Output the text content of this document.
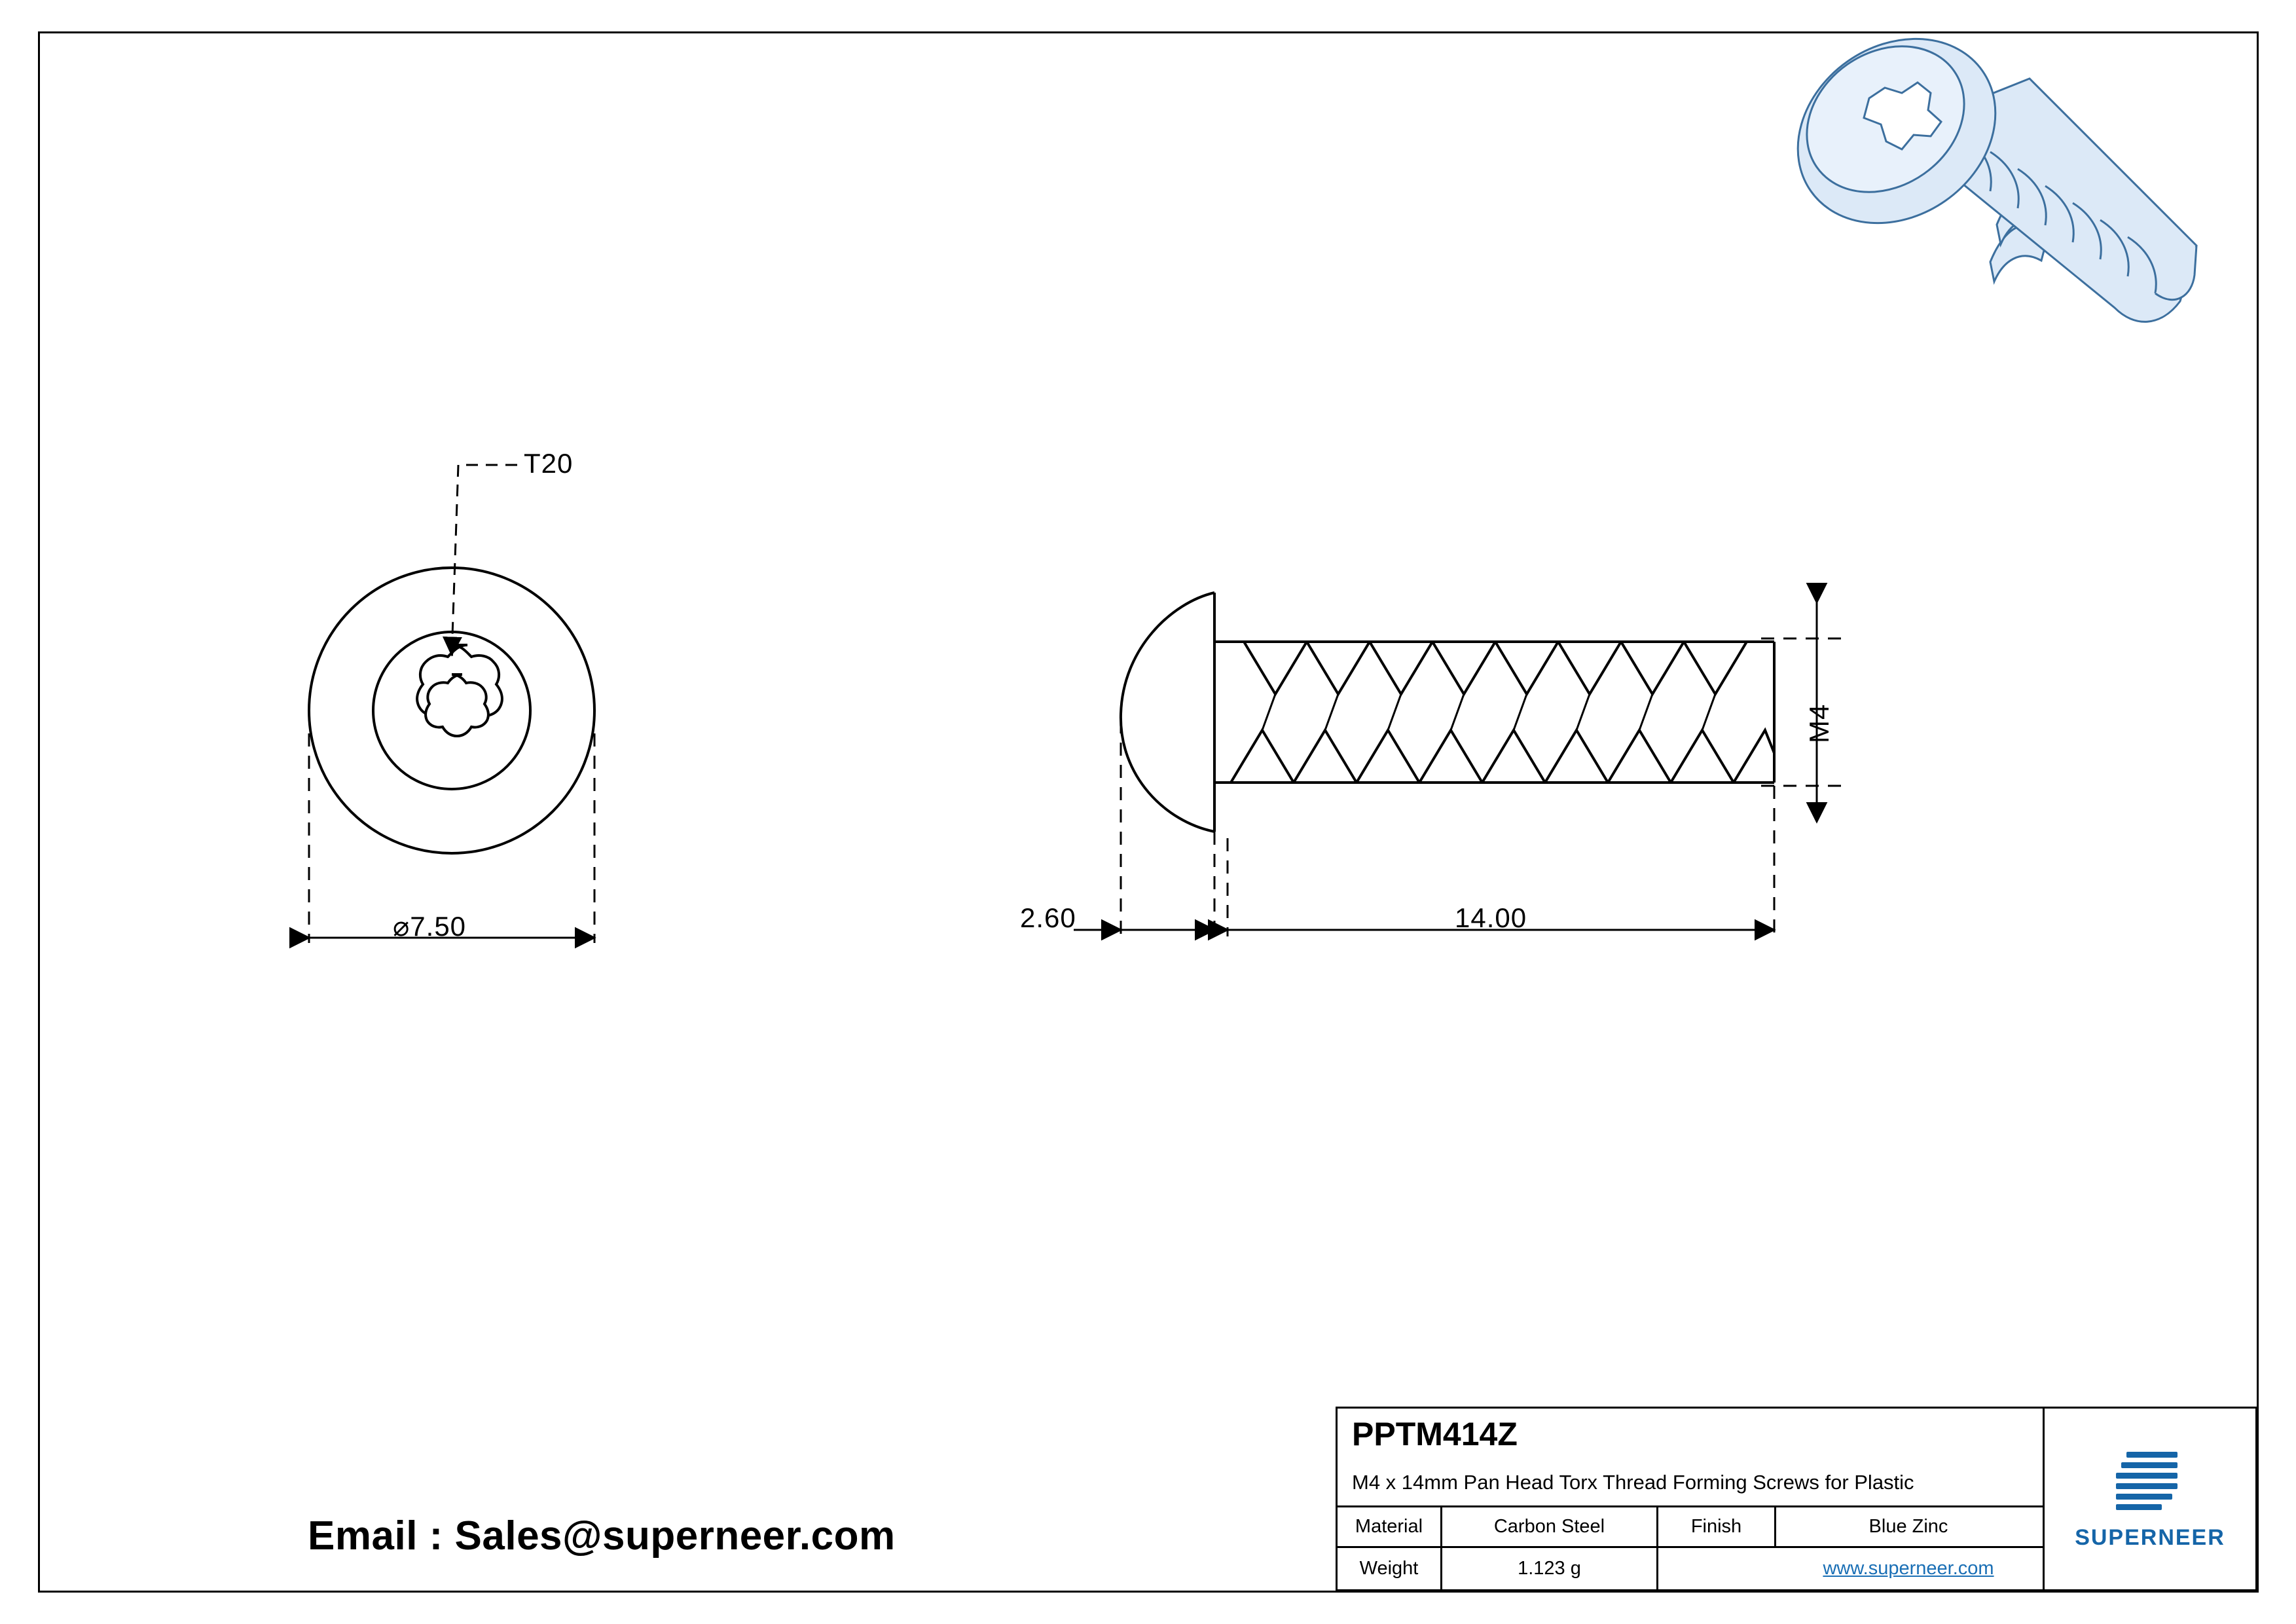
T20
⌀7.50	2.60	14.00
M4
Email : Sales@superneer.com
PPTM414Z
M4 x 14mm Pan Head Torx Thread Forming Screws for Plastic
Material	Carbon Steel	Finish	Blue Zinc
Weight	1.123 g	www.superneer.com
SUPERNEER
